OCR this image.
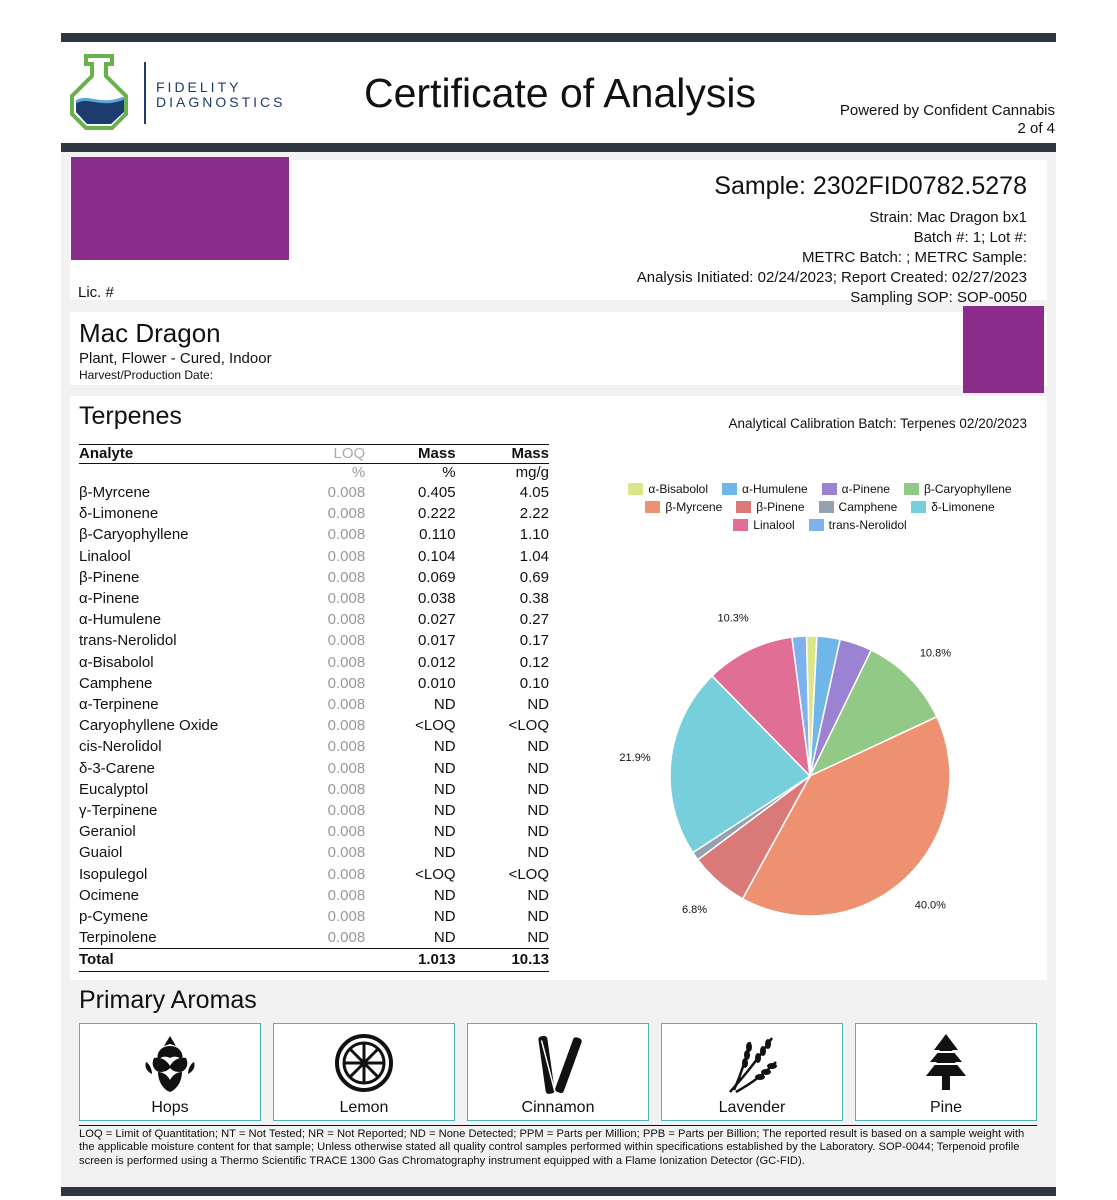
FIDELITY
DIAGNOSTICS	Certificate of Analysis	Powered by Confident Cannabis
2 of 4
Sample: 2302FID0782.5278
Strain: Mac Dragon bx1
Batch #: 1; Lot #:
METRC Batch: ; METRC Sample:
Analysis Initiated: 02/24/2023; Report Created: 02/27/2023
Sampling SOP: SOP-0050
Lic. #
Mac Dragon
Plant, Flower - Cured, Indoor
Harvest/Production Date:
Terpenes	Analytical Calibration Batch: Terpenes 02/20/2023
Analyte	LOQ	Mass	Mass
	%	%	mg/g
β-Myrcene	0.008	0.405	4.05
δ-Limonene	0.008	0.222	2.22
β-Caryophyllene	0.008	0.110	1.10
Linalool	0.008	0.104	1.04
β-Pinene	0.008	0.069	0.69
α-Pinene	0.008	0.038	0.38
α-Humulene	0.008	0.027	0.27
trans-Nerolidol	0.008	0.017	0.17
α-Bisabolol	0.008	0.012	0.12
Camphene	0.008	0.010	0.10
α-Terpinene	0.008	ND	ND
Caryophyllene Oxide	0.008	<LOQ	<LOQ
cis-Nerolidol	0.008	ND	ND
δ-3-Carene	0.008	ND	ND
Eucalyptol	0.008	ND	ND
γ-Terpinene	0.008	ND	ND
Geraniol	0.008	ND	ND
Guaiol	0.008	ND	ND
Isopulegol	0.008	<LOQ	<LOQ
Ocimene	0.008	ND	ND
p-Cymene	0.008	ND	ND
Terpinolene	0.008	ND	ND
Total		1.013	10.13
α-Bisabolol	α-Humulene	α-Pinene	β-Caryophyllene
β-Myrcene	β-Pinene	Camphene	δ-Limonene
Linalool	trans-Nerolidol
10.8%
40.0%
6.8%
21.9%
10.3%
Primary Aromas
Hops	Lemon	Cinnamon	Lavender	Pine
LOQ = Limit of Quantitation; NT = Not Tested; NR = Not Reported; ND = None Detected; PPM = Parts per Million; PPB = Parts per Billion; The reported result is based on a sample weight with the applicable moisture content for that sample; Unless otherwise stated all quality control samples performed within specifications established by the Laboratory. SOP-0044; Terpenoid profile screen is performed using a Thermo Scientific TRACE 1300 Gas Chromatography instrument equipped with a Flame Ionization Detector (GC-FID).
